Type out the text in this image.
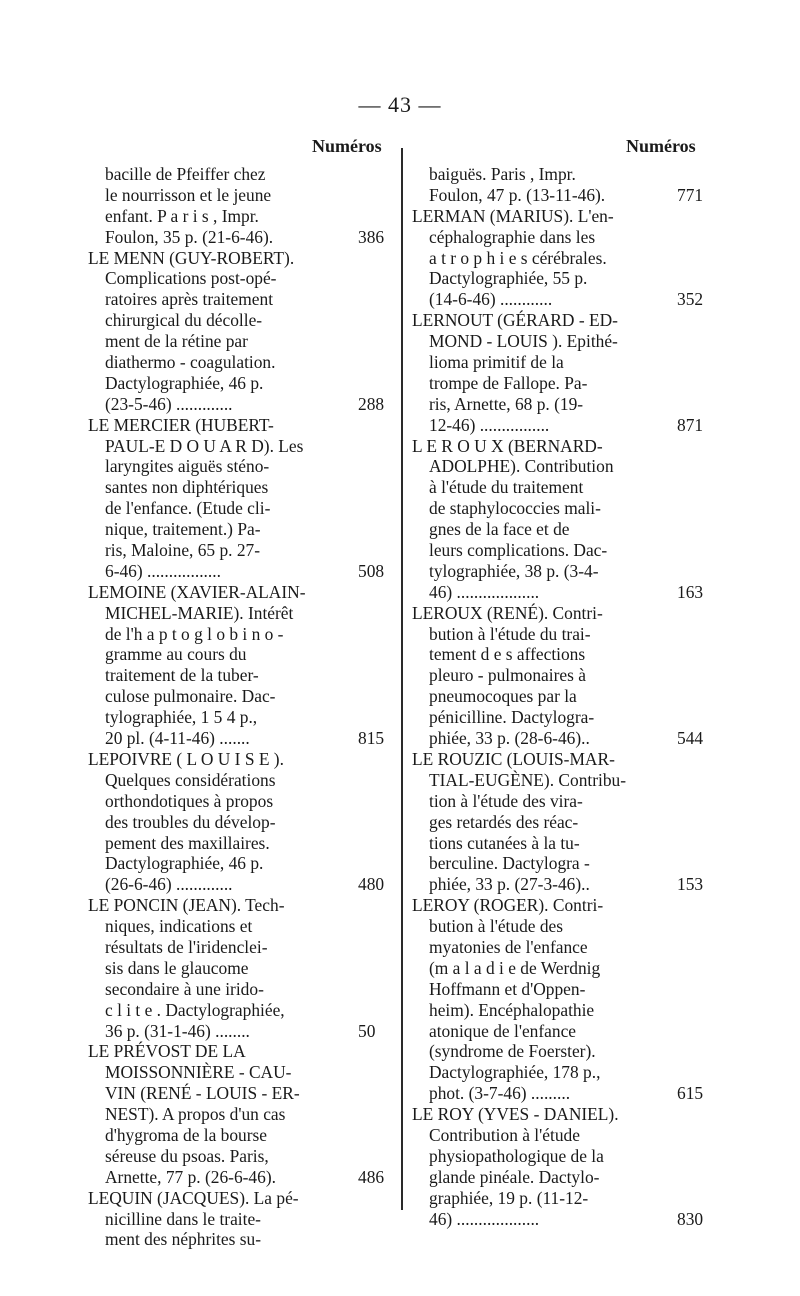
— 43 —
Numéros	Numéros
bacille de Pfeiffer chez
le nourrisson et le jeune
enfant. P a r i s , Impr.
Foulon, 35 p. (21-6-46).	386
LE MENN (GUY-ROBERT).
Complications post-opé-
ratoires après traitement
chirurgical du décolle-
ment de la rétine par
diathermo - coagulation.
Dactylographiée, 46 p.
(23-5-46) .............	288
LE MERCIER (HUBERT-
PAUL-E D O U A R D). Les
laryngites aiguës sténo-
santes non diphtériques
de l'enfance. (Etude cli-
nique, traitement.) Pa-
ris, Maloine, 65 p. 27-
6-46) .................	508
LEMOINE (XAVIER-ALAIN-
MICHEL-MARIE). Intérêt
de l'h a p t o g l o b i n o -
gramme au cours du
traitement de la tuber-
culose pulmonaire. Dac-
tylographiée, 1 5 4 p.,
20 pl. (4-11-46) .......	815
LEPOIVRE ( L O U I S E ).
Quelques considérations
orthondotiques à propos
des troubles du dévelop-
pement des maxillaires.
Dactylographiée, 46 p.
(26-6-46) .............	480
LE PONCIN (JEAN). Tech-
niques, indications et
résultats de l'iridenclei-
sis dans le glaucome
secondaire à une irido-
c l i t e . Dactylographiée,
36 p. (31-1-46) ........	50
LE PRÉVOST DE LA
MOISSONNIÈRE - CAU-
VIN (RENÉ - LOUIS - ER-
NEST). A propos d'un cas
d'hygroma de la bourse
séreuse du psoas. Paris,
Arnette, 77 p. (26-6-46).	486
LEQUIN (JACQUES). La pé-
nicilline dans le traite-
ment des néphrites su-
baiguës. Paris , Impr.
Foulon, 47 p. (13-11-46).	771
LERMAN (MARIUS). L'en-
céphalographie dans les
a t r o p h i e s cérébrales.
Dactylographiée, 55 p.
(14-6-46) ............	352
LERNOUT (GÉRARD - ED-
MOND - LOUIS ). Epithé-
lioma primitif de la
trompe de Fallope. Pa-
ris, Arnette, 68 p. (19-
12-46) ................	871
L E R O U X (BERNARD-
ADOLPHE). Contribution
à l'étude du traitement
de staphylococcies mali-
gnes de la face et de
leurs complications. Dac-
tylographiée, 38 p. (3-4-
46) ...................	163
LEROUX (RENÉ). Contri-
bution à l'étude du trai-
tement d e s affections
pleuro - pulmonaires à
pneumocoques par la
pénicilline. Dactylogra-
phiée, 33 p. (28-6-46)..	544
LE ROUZIC (LOUIS-MAR-
TIAL-EUGÈNE). Contribu-
tion à l'étude des vira-
ges retardés des réac-
tions cutanées à la tu-
berculine. Dactylogra -
phiée, 33 p. (27-3-46)..	153
LEROY (ROGER). Contri-
bution à l'étude des
myatonies de l'enfance
(m a l a d i e de Werdnig
Hoffmann et d'Oppen-
heim). Encéphalopathie
atonique de l'enfance
(syndrome de Foerster).
Dactylographiée, 178 p.,
phot. (3-7-46) .........	615
LE ROY (YVES - DANIEL).
Contribution à l'étude
physiopathologique de la
glande pinéale. Dactylo-
graphiée, 19 p. (11-12-
46) ...................	830
